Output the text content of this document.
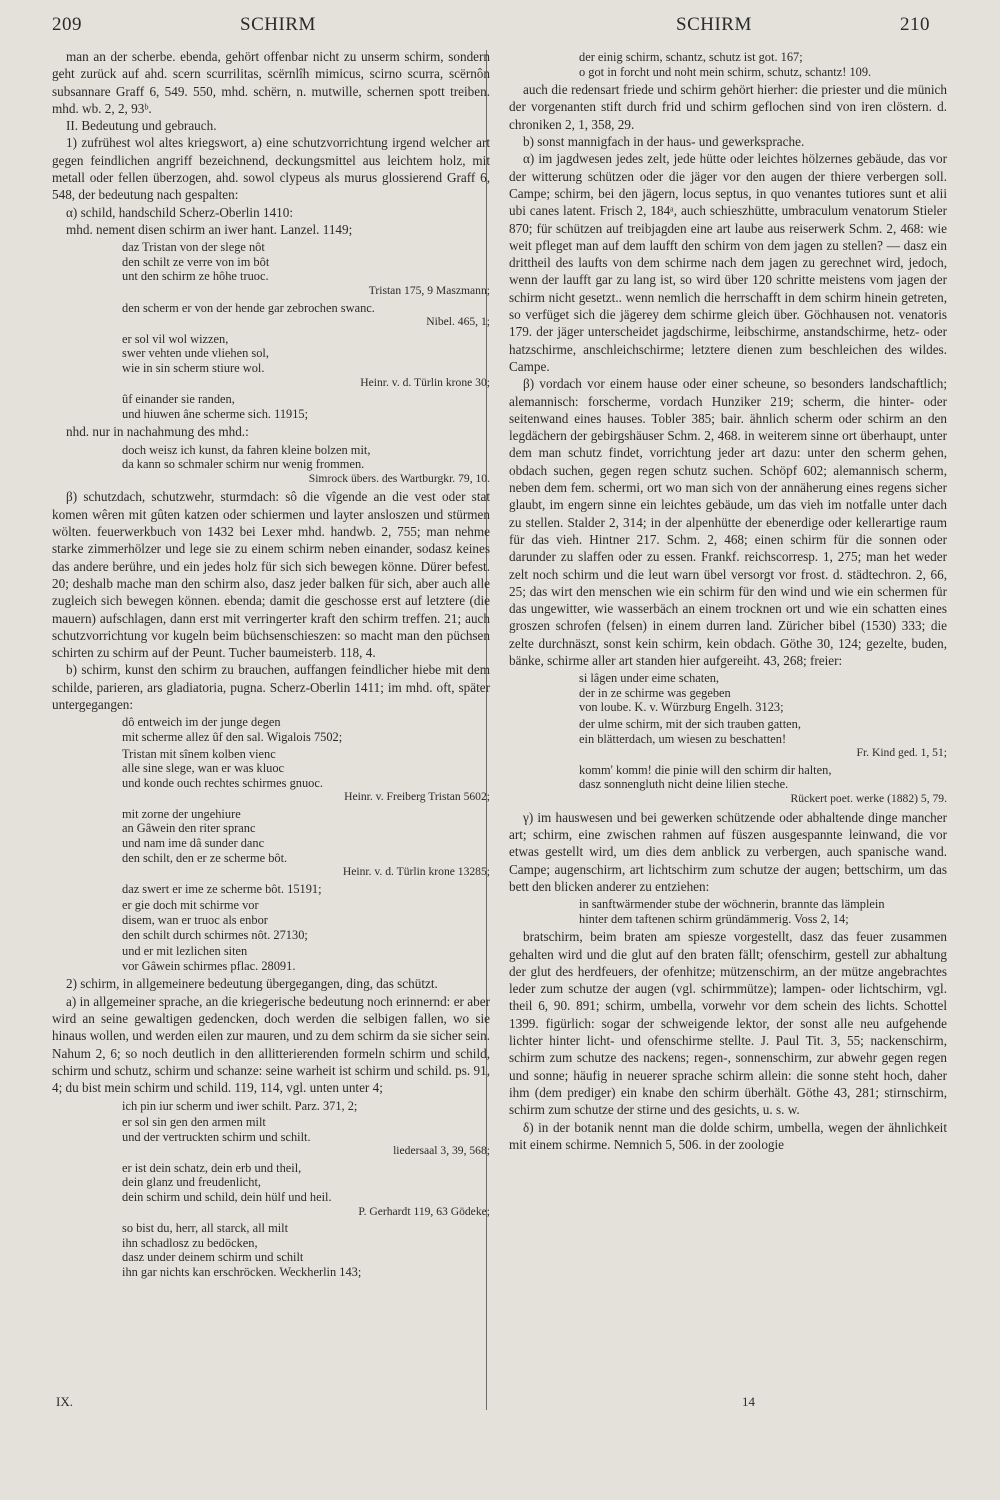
209	SCHIRM	SCHIRM	210

man an der scherbe. ebenda, gehört offenbar nicht zu unserm schirm, sondern geht zurück auf ahd. scern scurrilitas, scërnlîh mimicus, scirno scurra, scërnôn subsannare Graff 6, 549. 550, mhd. schërn, n. mutwille, schernen spott treiben. mhd. wb. 2, 2, 93ᵇ.

II. Bedeutung und gebrauch.

1) zufrühest wol altes kriegswort, a) eine schutzvorrichtung irgend welcher art gegen feindlichen angriff bezeichnend, deckungsmittel aus leichtem holz, mit metall oder fellen überzogen, ahd. sowol clypeus als murus glossierend Graff 6, 548, der bedeutung nach gespalten:

α) schild, handschild Scherz-Oberlin 1410:

mhd. nement disen schirm an iwer hant. Lanzel. 1149;

daz Tristan von der slege nôt
den schilt ze verre von im bôt
unt den schirm ze hôhe truoc.
Tristan 175, 9 Maszmann;
den scherm er von der hende gar zebrochen swanc.
Nibel. 465, 1;
er sol vil wol wizzen,
swer vehten unde vliehen sol,
wie in sin scherm stiure wol.
Heinr. v. d. Türlin krone 30;
ûf einander sie randen,
und hiuwen âne scherme sich. 11915;

nhd. nur in nachahmung des mhd.:

doch weisz ich kunst, da fahren kleine bolzen mit,
da kann so schmaler schirm nur wenig frommen.
Simrock übers. des Wartburgkr. 79, 10.

β) schutzdach, schutzwehr, sturmdach: sô die vîgende an die vest oder stat komen wêren mit gûten katzen oder schiermen und layter ansloszen und stürmen wölten. feuerwerkbuch von 1432 bei Lexer mhd. handwb. 2, 755; man nehme starke zimmerhölzer und lege sie zu einem schirm neben einander, sodasz keines das andere berühre, und ein jedes holz für sich sich bewegen könne. Dürer befest. 20; deshalb mache man den schirm also, dasz jeder balken für sich, aber auch alle zugleich sich bewegen können. ebenda; damit die geschosse erst auf letztere (die mauern) aufschlagen, dann erst mit verringerter kraft den schirm treffen. 21; auch schutzvorrichtung vor kugeln beim büchsenschieszen: so macht man den püchsen schirten zu schirm auf der Peunt. Tucher baumeisterb. 118, 4.

b) schirm, kunst den schirm zu brauchen, auffangen feindlicher hiebe mit dem schilde, parieren, ars gladiatoria, pugna. Scherz-Oberlin 1411; im mhd. oft, später untergegangen:

dô entweich im der junge degen
mit scherme allez ûf den sal. Wigalois 7502;
Tristan mit sînem kolben vienc
alle sine slege, wan er was kluoc
und konde ouch rechtes schirmes gnuoc.
Heinr. v. Freiberg Tristan 5602;
mit zorne der ungehiure
an Gâwein den riter spranc
und nam ime dâ sunder danc
den schilt, den er ze scherme bôt.
Heinr. v. d. Türlin krone 13285;
daz swert er ime ze scherme bôt. 15191;
er gie doch mit schirme vor
disem, wan er truoc als enbor
den schilt durch schirmes nôt. 27130;
und er mit lezlichen siten
vor Gâwein schirmes pflac. 28091.

2) schirm, in allgemeinere bedeutung übergegangen, ding, das schützt.

a) in allgemeiner sprache, an die kriegerische bedeutung noch erinnernd: er aber wird an seine gewaltigen gedencken, doch werden die selbigen fallen, wo sie hinaus wollen, und werden eilen zur mauren, und zu dem schirm da sie sicher sein. Nahum 2, 6; so noch deutlich in den allitterierenden formeln schirm und schild, schirm und schutz, schirm und schanze: seine warheit ist schirm und schild. ps. 91, 4; du bist mein schirm und schild. 119, 114, vgl. unten unter 4;

ich pin iur scherm und iwer schilt. Parz. 371, 2;
er sol sin gen den armen milt
und der vertruckten schirm und schilt.
liedersaal 3, 39, 568;
er ist dein schatz, dein erb und theil,
dein glanz und freudenlicht,
dein schirm und schild, dein hülf und heil.
P. Gerhardt 119, 63 Gödeke;
so bist du, herr, all starck, all milt
ihn schadlosz zu bedöcken,
dasz under deinem schirm und schilt
ihn gar nichts kan erschröcken. Weckherlin 143;
der einig schirm, schantz, schutz ist got. 167;
o got in forcht und noht mein schirm, schutz, schantz! 109.

auch die redensart friede und schirm gehört hierher: die priester und die münich der vorgenanten stift durch frid und schirm geflochen sind von iren clöstern. d. chroniken 2, 1, 358, 29.

b) sonst mannigfach in der haus- und gewerksprache.

α) im jagdwesen jedes zelt, jede hütte oder leichtes hölzernes gebäude, das vor der witterung schützen oder die jäger vor den augen der thiere verbergen soll. Campe; schirm, bei den jägern, locus septus, in quo venantes tutiores sunt et alii ubi canes latent. Frisch 2, 184ᵃ, auch schieszhütte, umbraculum venatorum Stieler 870; für schützen auf treibjagden eine art laube aus reiserwerk Schm. 2, 468: wie weit pfleget man auf dem laufft den schirm von dem jagen zu stellen? — dasz ein drittheil des laufts von dem schirme nach dem jagen zu gerechnet wird, jedoch, wenn der laufft gar zu lang ist, so wird über 120 schritte meistens vom jagen der schirm nicht gesetzt.. wenn nemlich die herrschafft in dem schirm hinein getreten, so verfüget sich die jägerey dem schirme gleich über. Göchhausen not. venatoris 179. der jäger unterscheidet jagdschirme, leibschirme, anstandschirme, hetz- oder hatzschirme, anschleichschirme; letztere dienen zum beschleichen des wildes. Campe.

β) vordach vor einem hause oder einer scheune, so besonders landschaftlich; alemannisch: forscherme, vordach Hunziker 219; scherm, die hinter- oder seitenwand eines hauses. Tobler 385; bair. ähnlich scherm oder schirm an den legdächern der gebirgshäuser Schm. 2, 468. in weiterem sinne ort überhaupt, unter dem man schutz findet, vorrichtung jeder art dazu: unter den scherm gehen, obdach suchen, gegen regen schutz suchen. Schöpf 602; alemannisch scherm, neben dem fem. schermi, ort wo man sich von der annäherung eines regens sicher glaubt, im engern sinne ein leichtes gebäude, um das vieh im notfalle unter dach zu stellen. Stalder 2, 314; in der alpenhütte der ebenerdige oder kellerartige raum für das vieh. Hintner 217. Schm. 2, 468; einen schirm für die sonnen oder darunder zu slaffen oder zu essen. Frankf. reichscorresp. 1, 275; man het weder zelt noch schirm und die leut warn übel versorgt vor frost. d. städtechron. 2, 66, 25; das wirt den menschen wie ein schirm für den wind und wie ein schermen für das ungewitter, wie wasserbäch an einem trocknen ort und wie ein schatten eines groszen schrofen (felsen) in einem durren land. Züricher bibel (1530) 333; die zelte durchnäszt, sonst kein schirm, kein obdach. Göthe 30, 124; gezelte, buden, bänke, schirme aller art standen hier aufgereiht. 43, 268; freier:

si lâgen under eime schaten,
der in ze schirme was gegeben
von loube. K. v. Würzburg Engelh. 3123;
der ulme schirm, mit der sich trauben gatten,
ein blätterdach, um wiesen zu beschatten!
Fr. Kind ged. 1, 51;
komm' komm! die pinie will den schirm dir halten,
dasz sonnengluth nicht deine lilien steche.
Rückert poet. werke (1882) 5, 79.

γ) im hauswesen und bei gewerken schützende oder abhaltende dinge mancher art; schirm, eine zwischen rahmen auf füszen ausgespannte leinwand, die vor etwas gestellt wird, um dies dem anblick zu verbergen, auch spanische wand. Campe; augenschirm, art lichtschirm zum schutze der augen; bettschirm, um das bett den blicken anderer zu entziehen:

in sanftwärmender stube der wöchnerin, brannte das lämplein
hinter dem taftenen schirm gründämmerig. Voss 2, 14;

bratschirm, beim braten am spiesze vorgestellt, dasz das feuer zusammen gehalten wird und die glut auf den braten fällt; ofenschirm, gestell zur abhaltung der glut des herdfeuers, der ofenhitze; mützenschirm, an der mütze angebrachtes leder zum schutze der augen (vgl. schirmmütze); lampen- oder lichtschirm, vgl. theil 6, 90. 891; schirm, umbella, vorwehr vor dem schein des lichts. Schottel 1399. figürlich: sogar der schweigende lektor, der sonst alle neu aufgehende lichter hinter licht- und ofenschirme stellte. J. Paul Tit. 3, 55; nackenschirm, schirm zum schutze des nackens; regen-, sonnenschirm, zur abwehr gegen regen und sonne; häufig in neuerer sprache schirm allein: die sonne steht hoch, daher ihm (dem prediger) ein knabe den schirm überhält. Göthe 43, 281; stirnschirm, schirm zum schutze der stirne und des gesichts, u. s. w.

δ) in der botanik nennt man die dolde schirm, umbella, wegen der ähnlichkeit mit einem schirme. Nemnich 5, 506. in der zoologie

IX.	14
